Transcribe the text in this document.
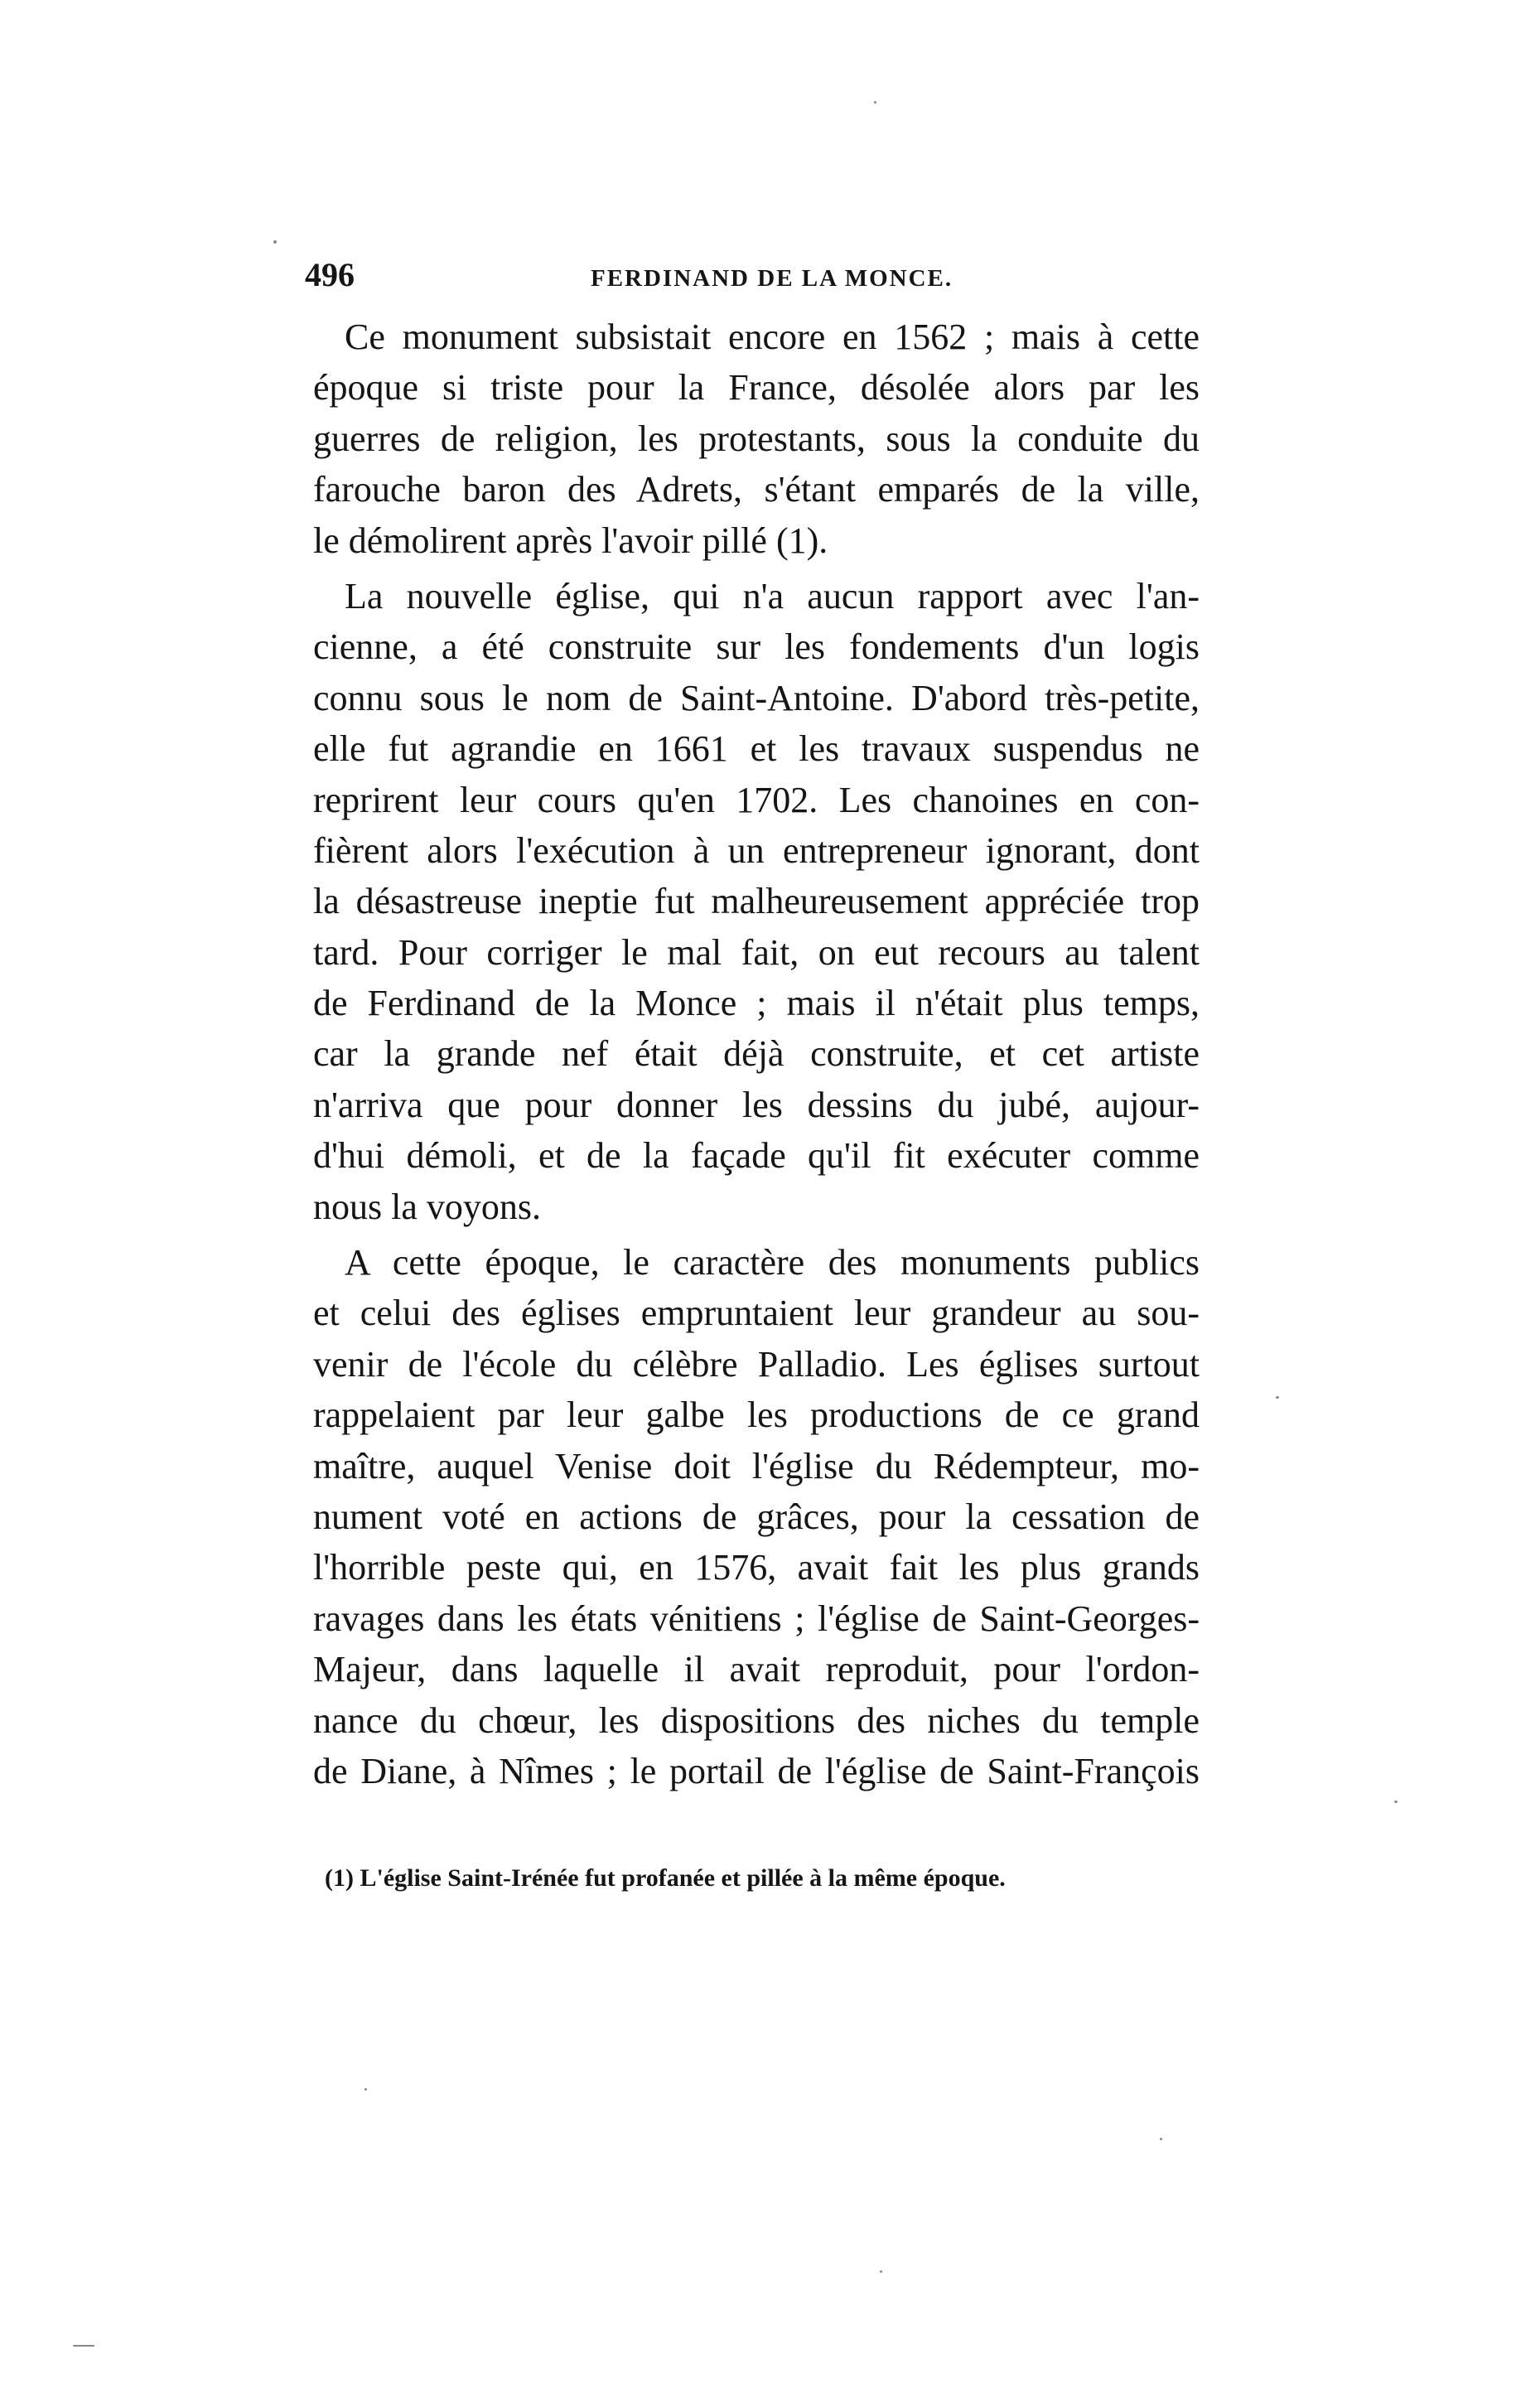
496	FERDINAND DE LA MONCE.
Ce monument subsistait encore en 1562 ; mais à cette
époque si triste pour la France, désolée alors par les
guerres de religion, les protestants, sous la conduite du
farouche baron des Adrets, s'étant emparés de la ville,
le démolirent après l'avoir pillé (1).
La nouvelle église, qui n'a aucun rapport avec l'an-
cienne, a été construite sur les fondements d'un logis
connu sous le nom de Saint-Antoine. D'abord très-petite,
elle fut agrandie en 1661 et les travaux suspendus ne
reprirent leur cours qu'en 1702. Les chanoines en con-
fièrent alors l'exécution à un entrepreneur ignorant, dont
la désastreuse ineptie fut malheureusement appréciée trop
tard. Pour corriger le mal fait, on eut recours au talent
de Ferdinand de la Monce ; mais il n'était plus temps,
car la grande nef était déjà construite, et cet artiste
n'arriva que pour donner les dessins du jubé, aujour-
d'hui démoli, et de la façade qu'il fit exécuter comme
nous la voyons.
A cette époque, le caractère des monuments publics
et celui des églises empruntaient leur grandeur au sou-
venir de l'école du célèbre Palladio. Les églises surtout
rappelaient par leur galbe les productions de ce grand
maître, auquel Venise doit l'église du Rédempteur, mo-
nument voté en actions de grâces, pour la cessation de
l'horrible peste qui, en 1576, avait fait les plus grands
ravages dans les états vénitiens ; l'église de Saint-Georges-
Majeur, dans laquelle il avait reproduit, pour l'ordon-
nance du chœur, les dispositions des niches du temple
de Diane, à Nîmes ; le portail de l'église de Saint-François
(1) L'église Saint-Irénée fut profanée et pillée à la même époque.
